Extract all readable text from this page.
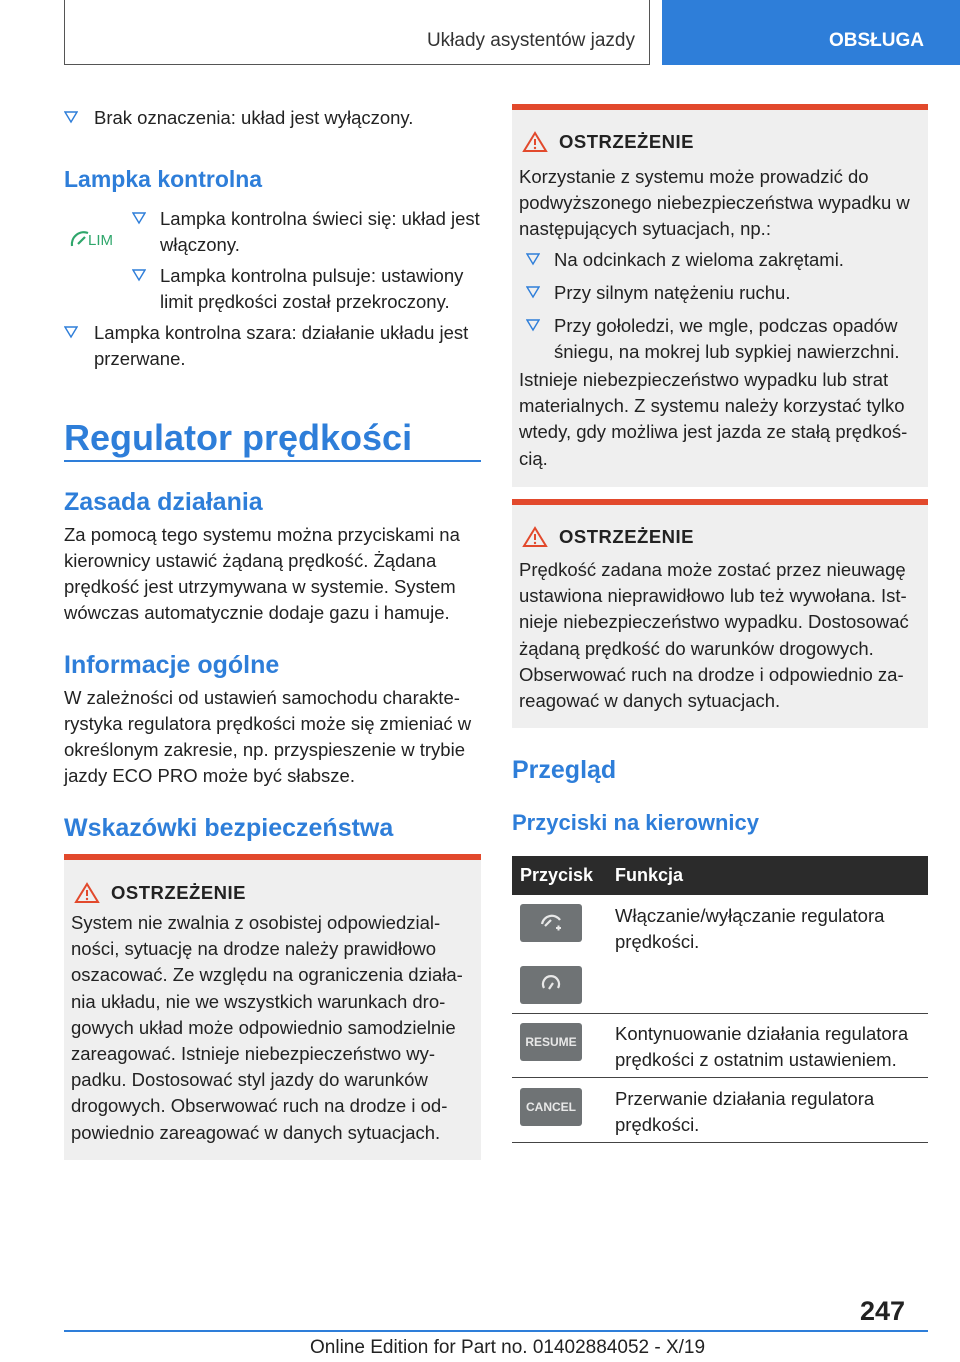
Układy asystentów jazdy	OBSŁUGA
Brak oznaczenia: układ jest wyłączony.
Lampka kontrolna
LIM
Lampka kontrolna świeci się: układ jest włączony.
Lampka kontrolna pulsuje: ustawiony limit prędkości został przekroczony.
Lampka kontrolna szara: działanie układu jest przerwane.
Regulator prędkości
Zasada działania
Za pomocą tego systemu można przyciskami na kierownicy ustawić żądaną prędkość. Żądana prędkość jest utrzymywana w systemie. System wówczas automatycznie dodaje gazu i hamuje.
Informacje ogólne
W zależności od ustawień samochodu charakterystyka regulatora prędkości może się zmieniać w określonym zakresie, np. przyspieszenie w trybie jazdy ECO PRO może być słabsze.
Wskazówki bezpieczeństwa
OSTRZEŻENIE
System nie zwalnia z osobistej odpowiedzialności, sytuację na drodze należy prawidłowo oszacować. Ze względu na ograniczenia działania układu, nie we wszystkich warunkach drogowych układ może odpowiednio samodzielnie zareagować. Istnieje niebezpieczeństwo wypadku. Dostosować styl jazdy do warunków drogowych. Obserwować ruch na drodze i odpowiednio zareagować w danych sytuacjach.
OSTRZEŻENIE
Korzystanie z systemu może prowadzić do podwyższonego niebezpieczeństwa wypadku w następujących sytuacjach, np.:
Na odcinkach z wieloma zakrętami.
Przy silnym natężeniu ruchu.
Przy gołoledzi, we mgle, podczas opadów śniegu, na mokrej lub sypkiej nawierzchni.
Istnieje niebezpieczeństwo wypadku lub strat materialnych. Z systemu należy korzystać tylko wtedy, gdy możliwa jest jazda ze stałą prędkością.
OSTRZEŻENIE
Prędkość zadana może zostać przez nieuwagę ustawiona nieprawidłowo lub też wywołana. Istnieje niebezpieczeństwo wypadku. Dostosować żądaną prędkość do warunków drogowych. Obserwować ruch na drodze i odpowiednio zareagować w danych sytuacjach.
Przegląd
Przyciski na kierownicy
Przycisk Funkcja
Włączanie/wyłączanie regulatora prędkości.
RESUME Kontynuowanie działania regulatora prędkości z ostatnim ustawieniem.
CANCEL	Przerwanie działania regulatora prędkości.
247
Online Edition for Part no. 01402884052 - X/19
